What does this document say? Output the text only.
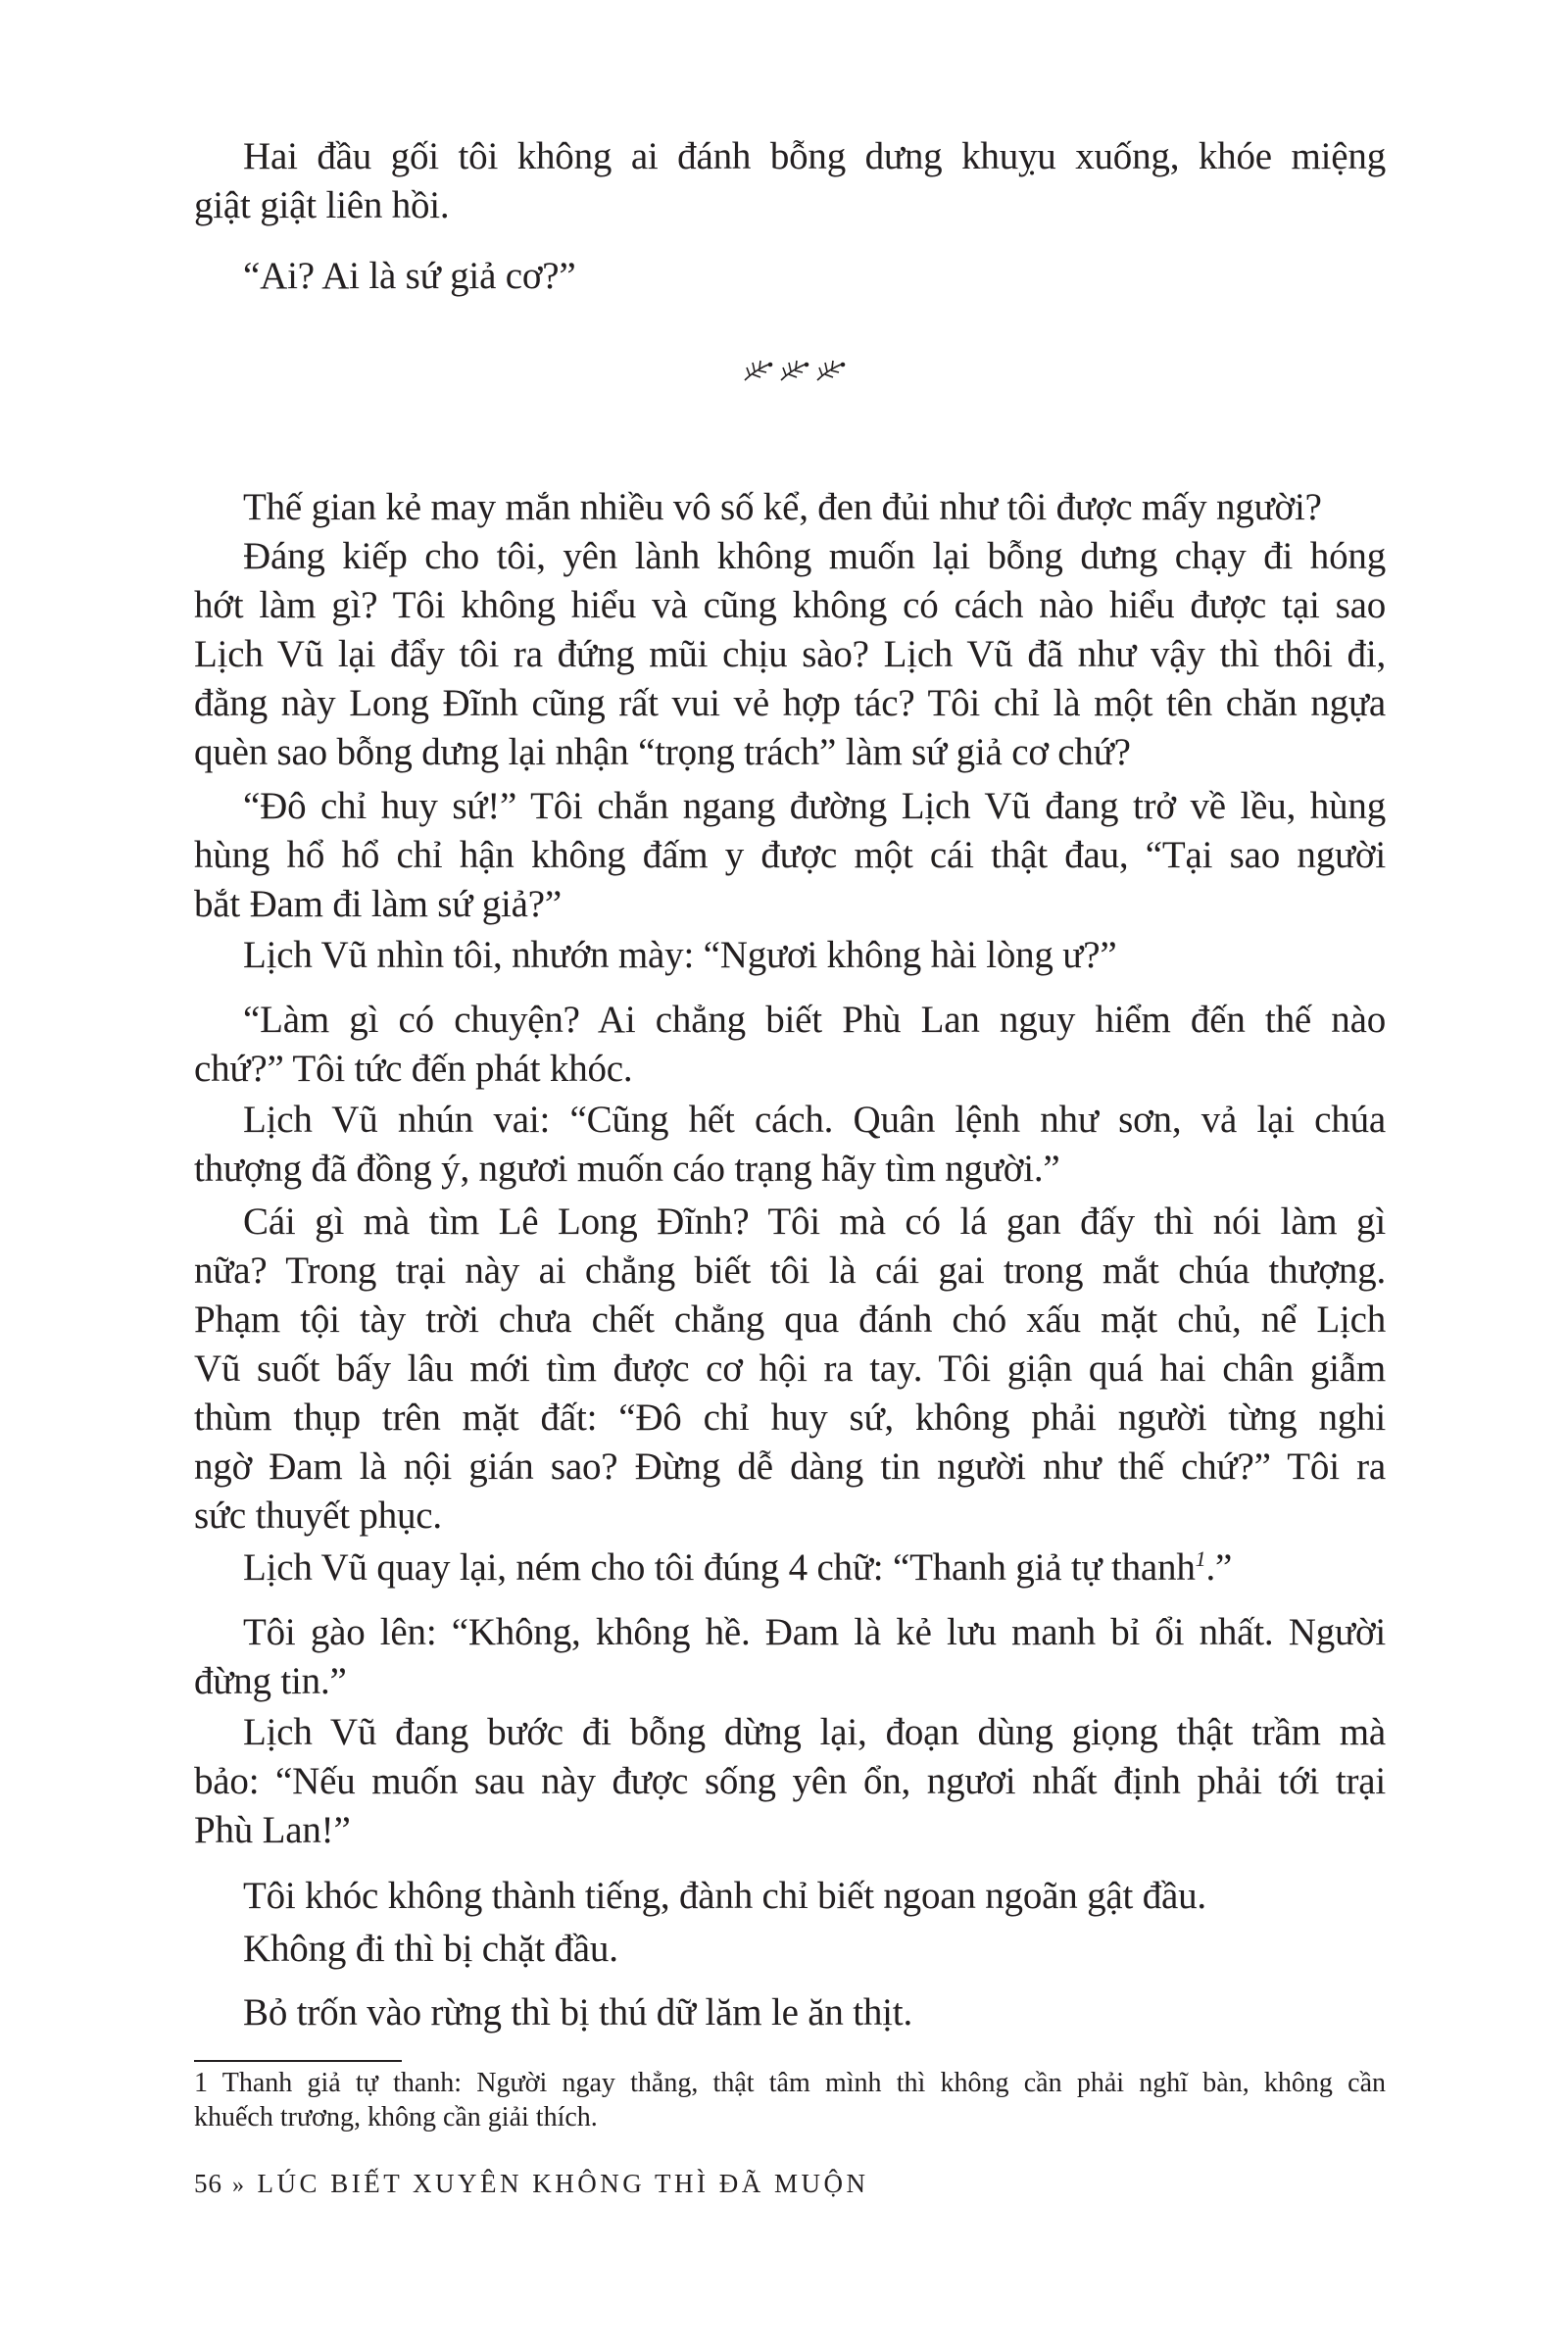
Hai đầu gối tôi không ai đánh bỗng dưng khuỵu xuống, khóe miệng
giật giật liên hồi.
“Ai? Ai là sứ giả cơ?”
Thế gian kẻ may mắn nhiều vô số kể, đen đủi như tôi được mấy người?
Đáng kiếp cho tôi, yên lành không muốn lại bỗng dưng chạy đi hóng
hớt làm gì? Tôi không hiểu và cũng không có cách nào hiểu được tại sao
Lịch Vũ lại đẩy tôi ra đứng mũi chịu sào? Lịch Vũ đã như vậy thì thôi đi,
đằng này Long Đĩnh cũng rất vui vẻ hợp tác? Tôi chỉ là một tên chăn ngựa
quèn sao bỗng dưng lại nhận “trọng trách” làm sứ giả cơ chứ?
“Đô chỉ huy sứ!” Tôi chắn ngang đường Lịch Vũ đang trở về lều, hùng
hùng hổ hổ chỉ hận không đấm y được một cái thật đau, “Tại sao người
bắt Đam đi làm sứ giả?”
Lịch Vũ nhìn tôi, nhướn mày: “Ngươi không hài lòng ư?”
“Làm gì có chuyện? Ai chẳng biết Phù Lan nguy hiểm đến thế nào
chứ?” Tôi tức đến phát khóc.
Lịch Vũ nhún vai: “Cũng hết cách. Quân lệnh như sơn, vả lại chúa
thượng đã đồng ý, ngươi muốn cáo trạng hãy tìm người.”
Cái gì mà tìm Lê Long Đĩnh? Tôi mà có lá gan đấy thì nói làm gì
nữa? Trong trại này ai chẳng biết tôi là cái gai trong mắt chúa thượng.
Phạm tội tày trời chưa chết chẳng qua đánh chó xấu mặt chủ, nể Lịch
Vũ suốt bấy lâu mới tìm được cơ hội ra tay. Tôi giận quá hai chân giẫm
thùm thụp trên mặt đất: “Đô chỉ huy sứ, không phải người từng nghi
ngờ Đam là nội gián sao? Đừng dễ dàng tin người như thế chứ?” Tôi ra
sức thuyết phục.
Lịch Vũ quay lại, ném cho tôi đúng 4 chữ: “Thanh giả tự thanh$^1$.”
Tôi gào lên: “Không, không hề. Đam là kẻ lưu manh bỉ ổi nhất. Người
đừng tin.”
Lịch Vũ đang bước đi bỗng dừng lại, đoạn dùng giọng thật trầm mà
bảo: “Nếu muốn sau này được sống yên ổn, ngươi nhất định phải tới trại
Phù Lan!”
Tôi khóc không thành tiếng, đành chỉ biết ngoan ngoãn gật đầu.
Không đi thì bị chặt đầu.
Bỏ trốn vào rừng thì bị thú dữ lăm le ăn thịt.
1 Thanh giả tự thanh: Người ngay thẳng, thật tâm mình thì không cần phải nghĩ bàn, không cần
khuếch trương, không cần giải thích.
56 » LÚC BIẾT XUYÊN KHÔNG THÌ ĐÃ MUỘN
